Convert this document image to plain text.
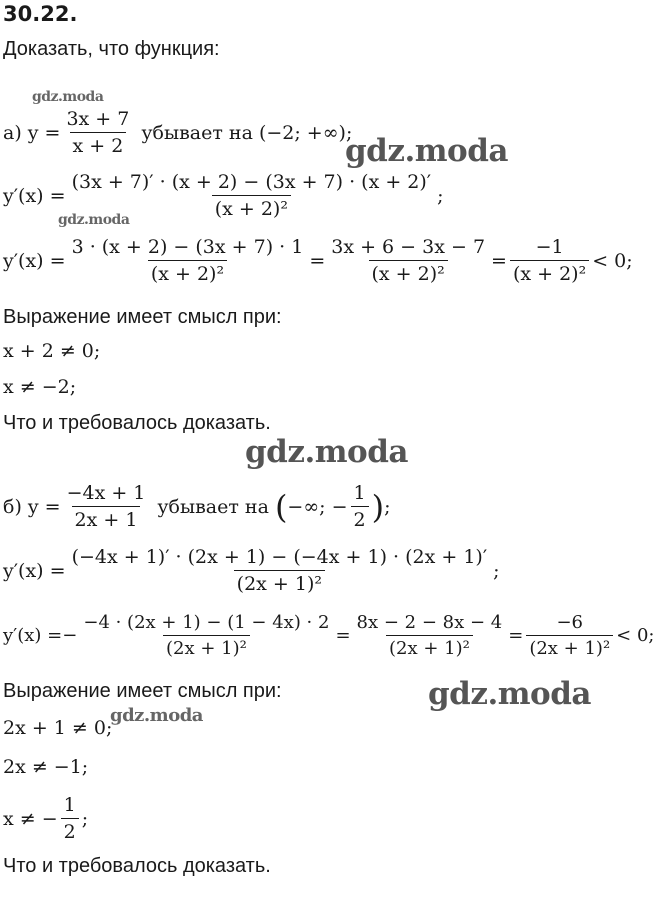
30.22.
Доказать, что функция:
gdz.moda
gdz.moda
gdz.moda
gdz.moda
gdz.moda
gdz.moda
а) $y = \frac{3x + 7}{x + 2}$ убывает на (−2; +∞);
$y'(x) = \frac{(3x + 7)' \cdot (x + 2) - (3x + 7) \cdot (x + 2)'}{\text{(x + 2)²}}$ ;
$y'(x) = \frac{3 \cdot (x + 2) - (3x + 7) \cdot 1}{\text{(x + 2)²}} = \frac{3x + 6 - 3x - 7}{\text{(x + 2)²}} = \frac{-1}{\text{(x + 2)²}} < 0$;
Выражение имеет смысл при:
x + 2 ≠ 0;
x ≠ −2;
Что и требовалось доказать.
б) $y = \frac{-4x + 1}{2x + 1}$ убывает на ( −∞; − $\frac{1}{2}$ ) ;
$y'(x) = \frac{(-4x + 1)' \cdot (2x + 1) - (-4x + 1) \cdot (2x + 1)'}{\text{(2x + 1)²}}$ ;
y′(x) = − $\frac{-4 \cdot (2x + 1) - (1 - 4x) \cdot 2}{\text{(2x + 1)²}} = \frac{8x - 2 - 8x - 4}{\text{(2x + 1)²}} = \frac{-6}{\text{(2x + 1)²}} < 0$;
Выражение имеет смысл при:
2x + 1 ≠ 0;
2x ≠ −1;
x ≠ − $\frac{1}{2}$ ;
Что и требовалось доказать.
